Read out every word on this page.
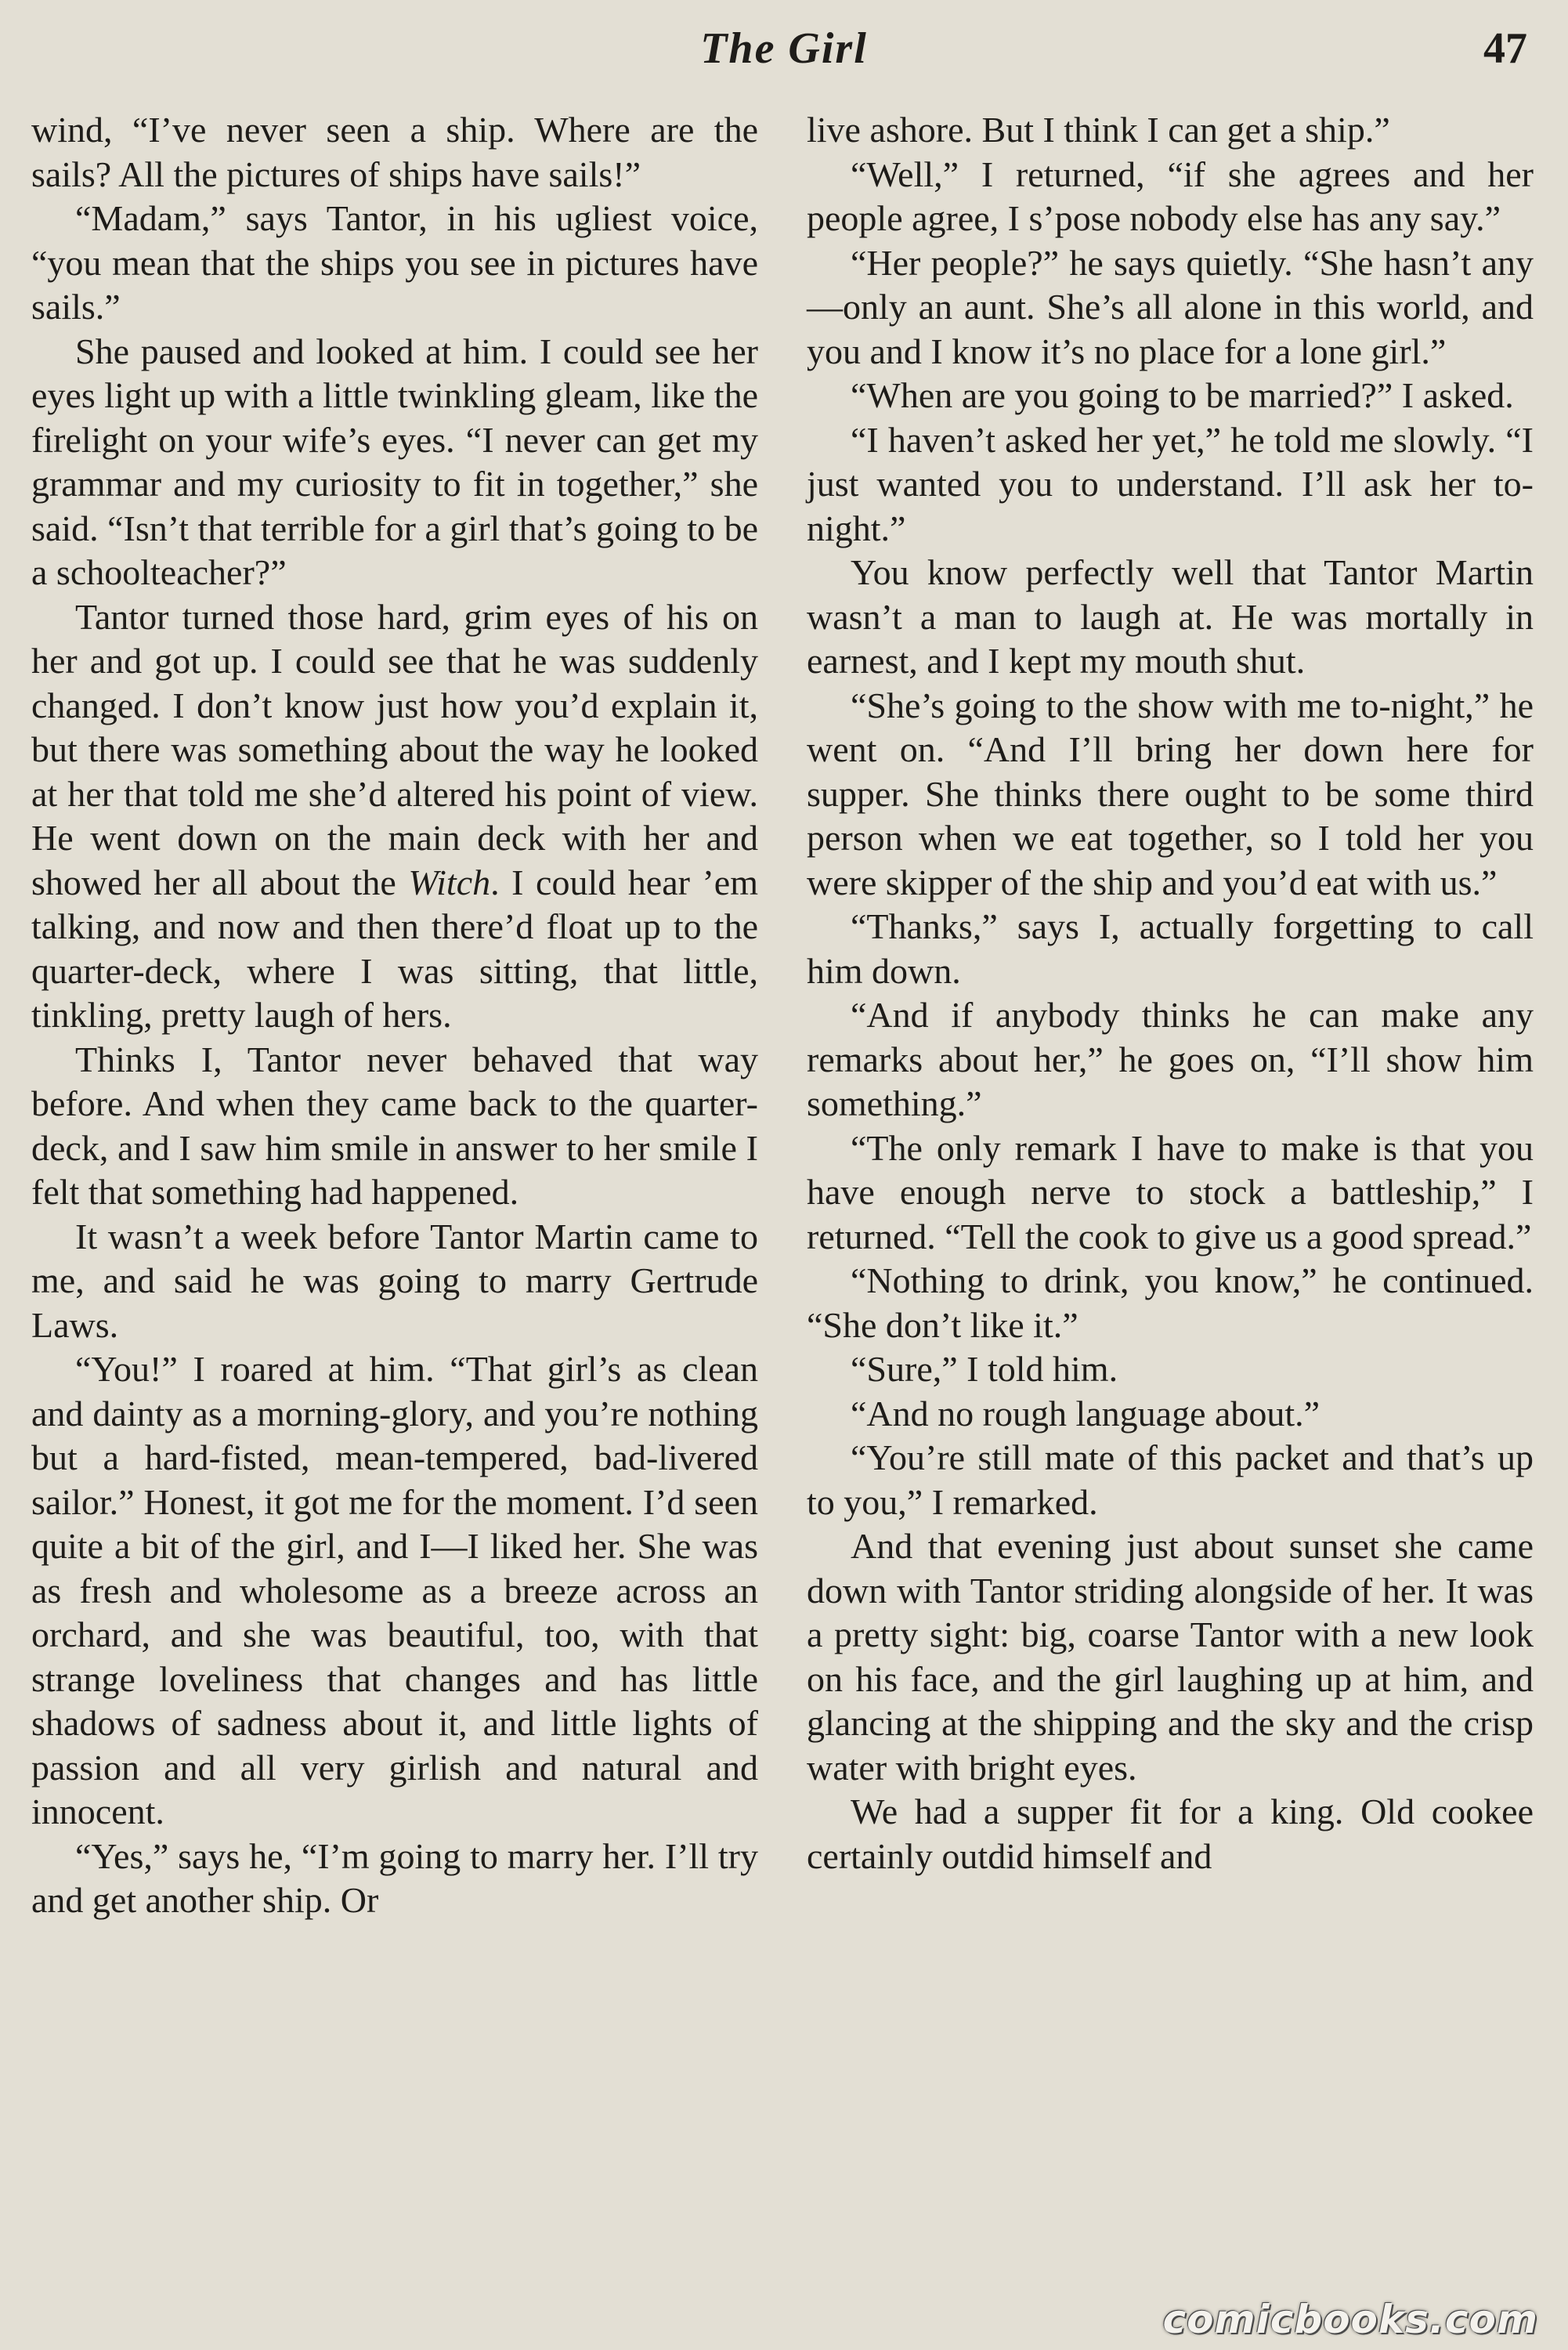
The Girl	47

wind, “I’ve never seen a ship. Where are the sails? All the pictures of ships have sails!”

“Madam,” says Tantor, in his ugliest voice, “you mean that the ships you see in pictures have sails.”

She paused and looked at him. I could see her eyes light up with a little twinkling gleam, like the firelight on your wife’s eyes. “I never can get my grammar and my curiosity to fit in together,” she said. “Isn’t that terrible for a girl that’s going to be a schoolteacher?”

Tantor turned those hard, grim eyes of his on her and got up. I could see that he was suddenly changed. I don’t know just how you’d explain it, but there was something about the way he looked at her that told me she’d altered his point of view. He went down on the main deck with her and showed her all about the Witch. I could hear ’em talking, and now and then there’d float up to the quarter-deck, where I was sitting, that little, tinkling, pretty laugh of hers.

Thinks I, Tantor never behaved that way before. And when they came back to the quarter-deck, and I saw him smile in answer to her smile I felt that something had happened.

It wasn’t a week before Tantor Martin came to me, and said he was going to marry Gertrude Laws.

“You!” I roared at him. “That girl’s as clean and dainty as a morning-glory, and you’re nothing but a hard-fisted, mean-tempered, bad-livered sailor.” Honest, it got me for the moment. I’d seen quite a bit of the girl, and I—I liked her. She was as fresh and wholesome as a breeze across an orchard, and she was beautiful, too, with that strange loveliness that changes and has little shadows of sadness about it, and little lights of passion and all very girlish and natural and innocent.

“Yes,” says he, “I’m going to marry her. I’ll try and get another ship. Or

live ashore. But I think I can get a ship.”

“Well,” I returned, “if she agrees and her people agree, I s’pose nobody else has any say.”

“Her people?” he says quietly. “She hasn’t any—only an aunt. She’s all alone in this world, and you and I know it’s no place for a lone girl.”

“When are you going to be married?” I asked.

“I haven’t asked her yet,” he told me slowly. “I just wanted you to understand. I’ll ask her to-night.”

You know perfectly well that Tantor Martin wasn’t a man to laugh at. He was mortally in earnest, and I kept my mouth shut.

“She’s going to the show with me to-night,” he went on. “And I’ll bring her down here for supper. She thinks there ought to be some third person when we eat together, so I told her you were skipper of the ship and you’d eat with us.”

“Thanks,” says I, actually forgetting to call him down.

“And if anybody thinks he can make any remarks about her,” he goes on, “I’ll show him something.”

“The only remark I have to make is that you have enough nerve to stock a battleship,” I returned. “Tell the cook to give us a good spread.”

“Nothing to drink, you know,” he continued. “She don’t like it.”

“Sure,” I told him.

“And no rough language about.”

“You’re still mate of this packet and that’s up to you,” I remarked.

And that evening just about sunset she came down with Tantor striding alongside of her. It was a pretty sight: big, coarse Tantor with a new look on his face, and the girl laughing up at him, and glancing at the shipping and the sky and the crisp water with bright eyes.

We had a supper fit for a king. Old cookee certainly outdid himself and

comicbooks.com
